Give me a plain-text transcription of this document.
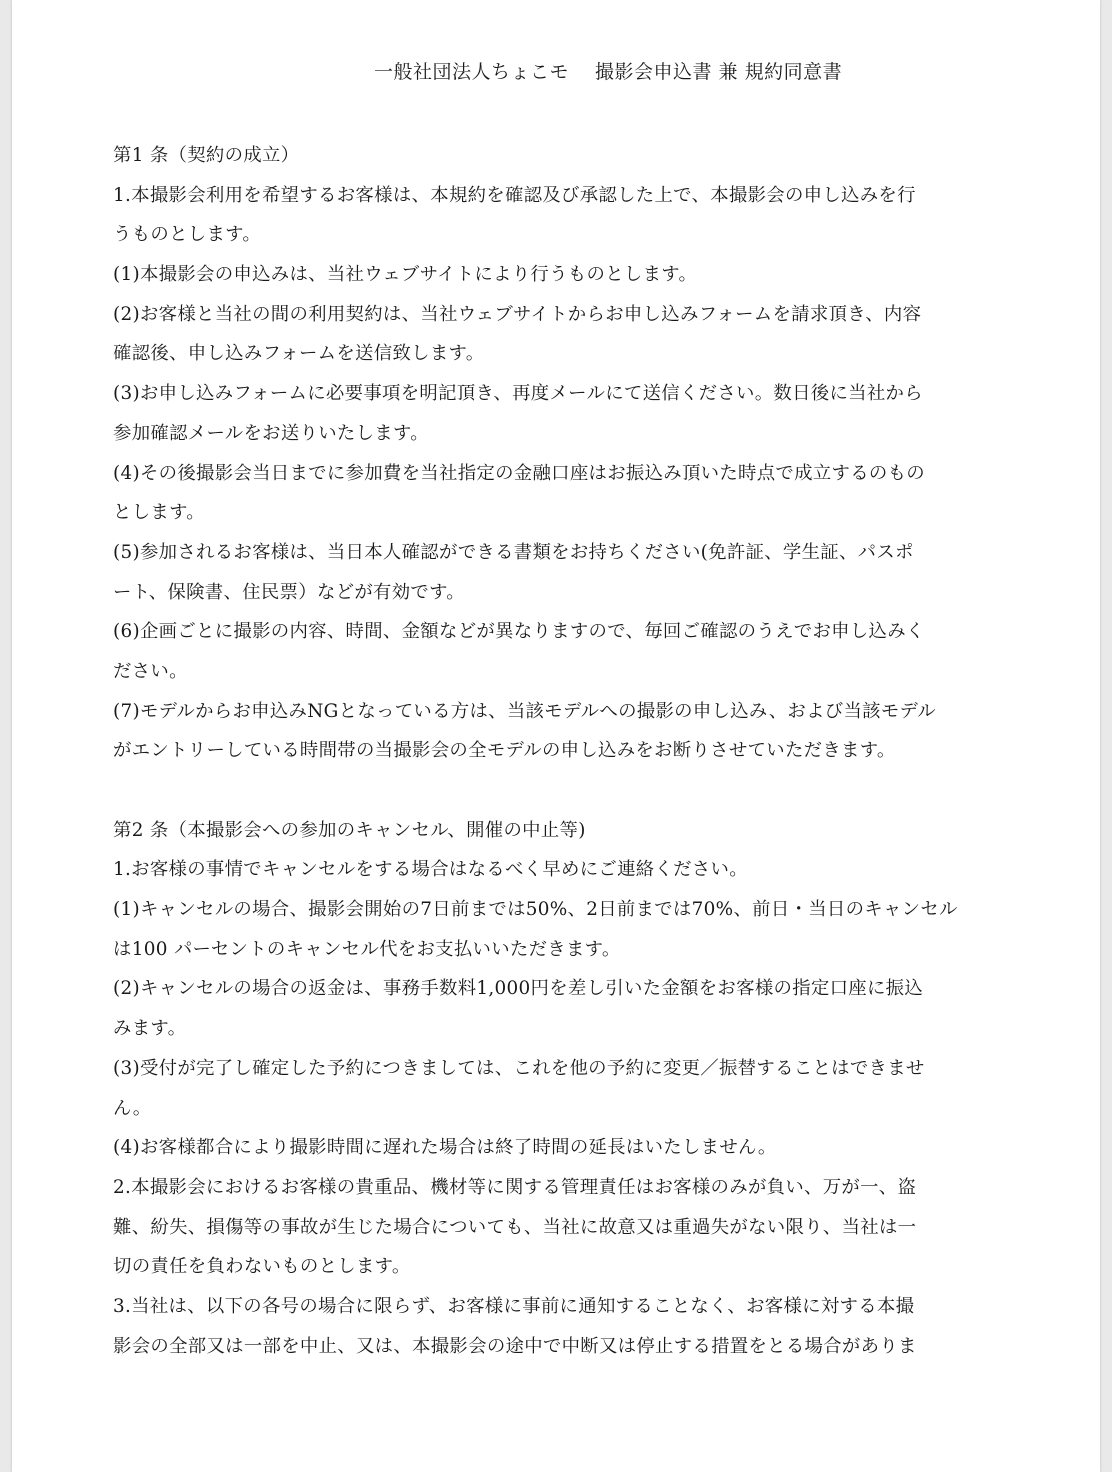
一般社団法人ちょこモ 撮影会申込書 兼 規約同意書
第1 条（契約の成立）
1.本撮影会利用を希望するお客様は、本規約を確認及び承認した上で、本撮影会の申し込みを行
うものとします。
(1)本撮影会の申込みは、当社ウェブサイトにより行うものとします。
(2)お客様と当社の間の利用契約は、当社ウェブサイトからお申し込みフォームを請求頂き、内容
確認後、申し込みフォームを送信致します。
(3)お申し込みフォームに必要事項を明記頂き、再度メールにて送信ください。数日後に当社から
参加確認メールをお送りいたします。
(4)その後撮影会当日までに参加費を当社指定の金融口座はお振込み頂いた時点で成立するのもの
とします。
(5)参加されるお客様は、当日本人確認ができる書類をお持ちください(免許証、学生証、パスポ
ート、保険書、住民票）などが有効です。
(6)企画ごとに撮影の内容、時間、金額などが異なりますので、毎回ご確認のうえでお申し込みく
ださい。
(7)モデルからお申込みNGとなっている方は、当該モデルへの撮影の申し込み、および当該モデル
がエントリーしている時間帯の当撮影会の全モデルの申し込みをお断りさせていただきます。
第2 条（本撮影会への参加のキャンセル、開催の中止等)
1.お客様の事情でキャンセルをする場合はなるべく早めにご連絡ください。
(1)キャンセルの場合、撮影会開始の7日前までは50%、2日前までは70%、前日・当日のキャンセル
は100 パーセントのキャンセル代をお支払いいただきます。
(2)キャンセルの場合の返金は、事務手数料1,000円を差し引いた金額をお客様の指定口座に振込
みます。
(3)受付が完了し確定した予約につきましては、これを他の予約に変更／振替することはできませ
ん。
(4)お客様都合により撮影時間に遅れた場合は終了時間の延長はいたしません。
2.本撮影会におけるお客様の貴重品、機材等に関する管理責任はお客様のみが負い、万が一、盗
難、紛失、損傷等の事故が生じた場合についても、当社に故意又は重過失がない限り、当社は一
切の責任を負わないものとします。
3.当社は、以下の各号の場合に限らず、お客様に事前に通知することなく、お客様に対する本撮
影会の全部又は一部を中止、又は、本撮影会の途中で中断又は停止する措置をとる場合がありま
